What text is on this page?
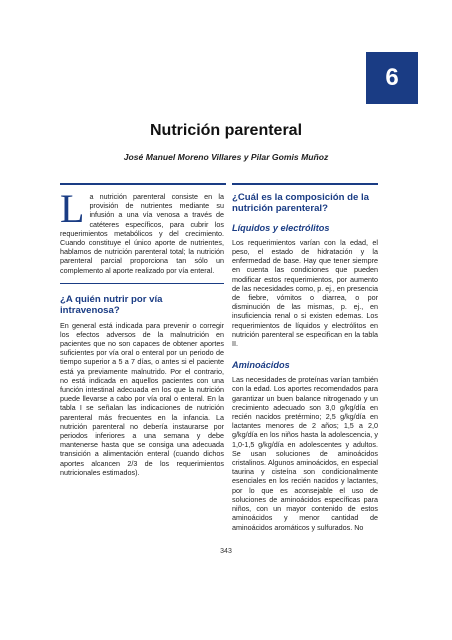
6
Nutrición parenteral
José Manuel Moreno Villares y Pilar Gomis Muñoz

La nutrición parenteral consiste en la provisión de nutrientes mediante su infusión a una vía venosa a través de catéteres específicos, para cubrir los requerimientos metabólicos y del crecimiento. Cuando constituye el único aporte de nutrientes, hablamos de nutrición parenteral total; la nutrición parenteral parcial proporciona tan sólo un complemento al aporte realizado por vía enteral.

¿A quién nutrir por vía intravenosa?

En general está indicada para prevenir o corregir los efectos adversos de la malnutrición en pacientes que no son capaces de obtener aportes suficientes por vía oral o enteral por un periodo de tiempo superior a 5 a 7 días, o antes si el paciente está ya previamente malnutrido. Por el contrario, no está indicada en aquellos pacientes con una función intestinal adecuada en los que la nutrición puede llevarse a cabo por vía oral o enteral. En la tabla I se señalan las indicaciones de nutrición parenteral más frecuentes en la infancia. La nutrición parenteral no debería instaurarse por periodos inferiores a una semana y debe mantenerse hasta que se consiga una adecuada transición a alimentación enteral (cuando dichos aportes alcancen 2/3 de los requerimientos nutricionales estimados).

¿Cuál es la composición de la nutrición parenteral?
Líquidos y electrólitos

Los requerimientos varían con la edad, el peso, el estado de hidratación y la enfermedad de base. Hay que tener siempre en cuenta las condiciones que pueden modificar estos requerimientos, por aumento de las necesidades como, p. ej., en presencia de fiebre, vómitos o diarrea, o por disminución de las mismas, p. ej., en insuficiencia renal o si existen edemas. Los requerimientos de líquidos y electrólitos en nutrición parenteral se especifican en la tabla II.

Aminoácidos

Las necesidades de proteínas varían también con la edad. Los aportes recomendados para garantizar un buen balance nitrogenado y un crecimiento adecuado son 3,0 g/kg/día en recién nacidos pretérmino; 2,5 g/kg/día en lactantes menores de 2 años; 1,5 a 2,0 g/kg/día en los niños hasta la adolescencia, y 1,0-1,5 g/kg/día en adolescentes y adultos. Se usan soluciones de aminoácidos cristalinos. Algunos aminoácidos, en especial taurina y cisteína son condicionalmente esenciales en los recién nacidos y lactantes, por lo que es aconsejable el uso de soluciones de aminoácidos específicas para niños, con un mayor contenido de estos aminoácidos y menor cantidad de aminoácidos aromáticos y sulfurados. No

343
